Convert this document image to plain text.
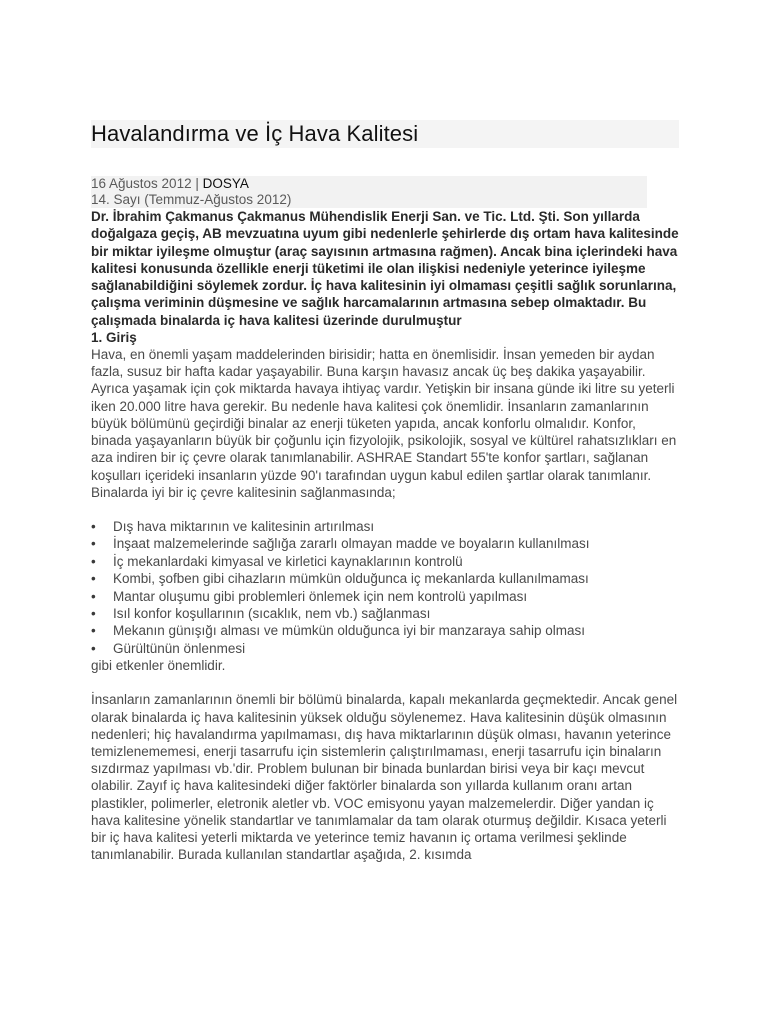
Havalandırma ve İç Hava Kalitesi
16 Ağustos 2012 | DOSYA
14. Sayı (Temmuz-Ağustos 2012)

Dr. İbrahim Çakmanus Çakmanus Mühendislik Enerji San. ve Tic. Ltd. Şti. Son yıllarda doğalgaza geçiş, AB mevzuatına uyum gibi nedenlerle şehirlerde dış ortam hava kalitesinde bir miktar iyileşme olmuştur (araç sayısının artmasına rağmen). Ancak bina içlerindeki hava kalitesi konusunda özellikle enerji tüketimi ile olan ilişkisi nedeniyle yeterince iyileşme sağlanabildiğini söylemek zordur. İç hava kalitesinin iyi olmaması çeşitli sağlık sorunlarına, çalışma veriminin düşmesine ve sağlık harcamalarının artmasına sebep olmaktadır. Bu çalışmada binalarda iç hava kalitesi üzerinde durulmuştur

1. Giriş

Hava, en önemli yaşam maddelerinden birisidir; hatta en önemlisidir. İnsan yemeden bir aydan fazla, susuz bir hafta kadar yaşayabilir. Buna karşın havasız ancak üç beş dakika yaşayabilir. Ayrıca yaşamak için çok miktarda havaya ihtiyaç vardır. Yetişkin bir insana günde iki litre su yeterli iken 20.000 litre hava gerekir. Bu nedenle hava kalitesi çok önemlidir. İnsanların zamanlarının büyük bölümünü geçirdiği binalar az enerji tüketen yapıda, ancak konforlu olmalıdır. Konfor, binada yaşayanların büyük bir çoğunlu için fizyolojik, psikolojik, sosyal ve kültürel rahatsızlıkları en aza indiren bir iç çevre olarak tanımlanabilir. ASHRAE Standart 55'te konfor şartları, sağlanan koşulları içerideki insanların yüzde 90'ı tarafından uygun kabul edilen şartlar olarak tanımlanır. Binalarda iyi bir iç çevre kalitesinin sağlanmasında;

• Dış hava miktarının ve kalitesinin artırılması
• İnşaat malzemelerinde sağlığa zararlı olmayan madde ve boyaların kullanılması
• İç mekanlardaki kimyasal ve kirletici kaynaklarının kontrolü
• Kombi, şofben gibi cihazların mümkün olduğunca iç mekanlarda kullanılmaması
• Mantar oluşumu gibi problemleri önlemek için nem kontrolü yapılması
• Isıl konfor koşullarının (sıcaklık, nem vb.) sağlanması
• Mekanın günışığı alması ve mümkün olduğunca iyi bir manzaraya sahip olması
• Gürültünün önlenmesi

gibi etkenler önemlidir.

İnsanların zamanlarının önemli bir bölümü binalarda, kapalı mekanlarda geçmektedir. Ancak genel olarak binalarda iç hava kalitesinin yüksek olduğu söylenemez. Hava kalitesinin düşük olmasının nedenleri; hiç havalandırma yapılmaması, dış hava miktarlarının düşük olması, havanın yeterince temizlenememesi, enerji tasarrufu için sistemlerin çalıştırılmaması, enerji tasarrufu için binaların sızdırmaz yapılması vb.'dir. Problem bulunan bir binada bunlardan birisi veya bir kaçı mevcut olabilir. Zayıf iç hava kalitesindeki diğer faktörler binalarda son yıllarda kullanım oranı artan plastikler, polimerler, eletronik aletler vb. VOC emisyonu yayan malzemelerdir. Diğer yandan iç hava kalitesine yönelik standartlar ve tanımlamalar da tam olarak oturmuş değildir. Kısaca yeterli bir iç hava kalitesi yeterli miktarda ve yeterince temiz havanın iç ortama verilmesi şeklinde tanımlanabilir. Burada kullanılan standartlar aşağıda, 2. kısımda
